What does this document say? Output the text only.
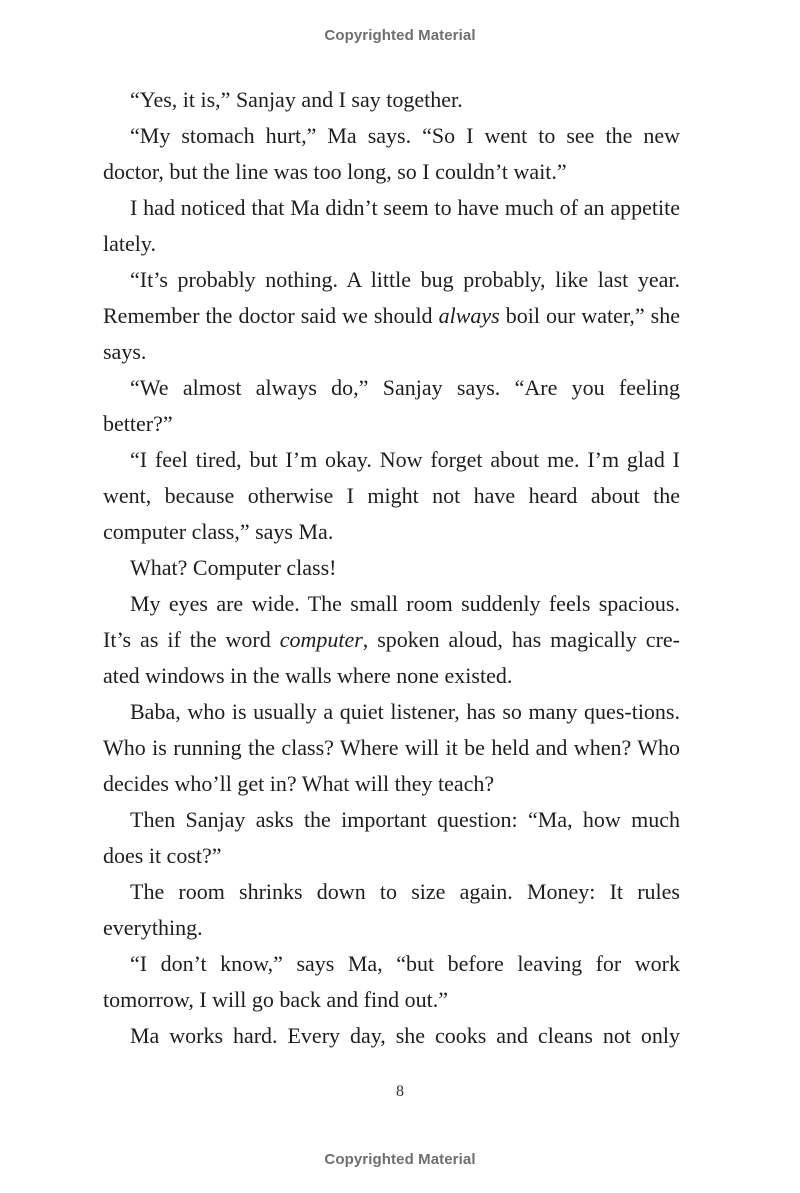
Copyrighted Material

“Yes, it is,” Sanjay and I say together.

“My stomach hurt,” Ma says. “So I went to see the new doctor, but the line was too long, so I couldn’t wait.”

I had noticed that Ma didn’t seem to have much of an appetite lately.

“It’s probably nothing. A little bug probably, like last year. Remember the doctor said we should always boil our water,” she says.

“We almost always do,” Sanjay says. “Are you feeling better?”

“I feel tired, but I’m okay. Now forget about me. I’m glad I went, because otherwise I might not have heard about the computer class,” says Ma.

What? Computer class!

My eyes are wide. The small room suddenly feels spacious. It’s as if the word computer, spoken aloud, has magically cre-ated windows in the walls where none existed.

Baba, who is usually a quiet listener, has so many ques-tions. Who is running the class? Where will it be held and when? Who decides who’ll get in? What will they teach?

Then Sanjay asks the important question: “Ma, how much does it cost?”

The room shrinks down to size again. Money: It rules everything.

“I don’t know,” says Ma, “but before leaving for work tomorrow, I will go back and find out.”

Ma works hard. Every day, she cooks and cleans not only

8
Copyrighted Material
